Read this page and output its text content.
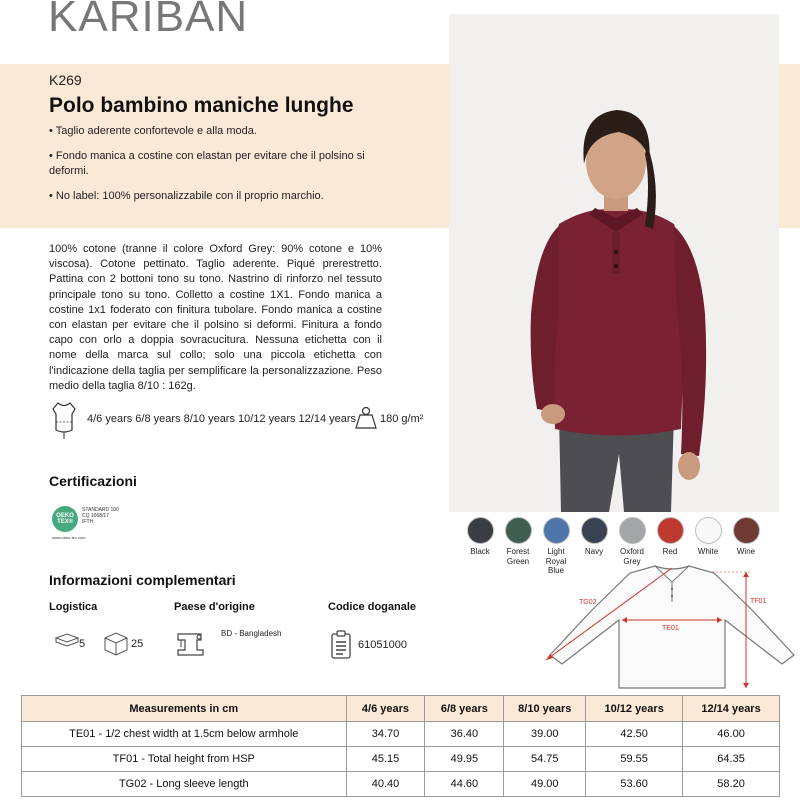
KARIBAN
K269
Polo bambino maniche lunghe

• Taglio aderente confortevole e alla moda.

• Fondo manica a costine con elastan per evitare che il polsino si deformi.

• No label: 100% personalizzabile con il proprio marchio.

100% cotone (tranne il colore Oxford Grey: 90% cotone e 10% viscosa). Cotone pettinato. Taglio aderente. Piqué prerestretto. Pattina con 2 bottoni tono su tono. Nastrino di rinforzo nel tessuto principale tono su tono. Colletto a costine 1X1. Fondo manica a costine 1x1 foderato con finitura tubolare. Fondo manica a costine con elastan per evitare che il polsino si deformi. Finitura a fondo capo con orlo a doppia sovracucitura. Nessuna etichetta con il nome della marca sul collo; solo una piccola etichetta con l'indicazione della taglia per semplificare la personalizzazione. Peso medio della taglia 8/10 : 162g.
4/6 years 6/8 years 8/10 years 10/12 years 12/14 years 180 g/m²
Certificazioni
OEKO TEX®
STANDARD 100
CQ 1068/17
IFTH
www.oeko-tex.com
Informazioni complementari
Logistica	Paese d'origine	Codice doganale
5	25
BD - Bangladesh
61051000
Black	Forest Green
Light Royal Blue
Navy	Oxford Grey
Red	White	Wine
TE01
TF01
TG02
Measurements in cm	4/6 years	6/8 years	8/10 years	10/12 years	12/14 years
TE01 - 1/2 chest width at 1.5cm below armhole	34.70	36.40	39.00	42.50	46.00
TF01 - Total height from HSP	45.15	49.95	54.75	59.55	64.35
TG02 - Long sleeve length	40.40	44.60	49.00	53.60	58.20
